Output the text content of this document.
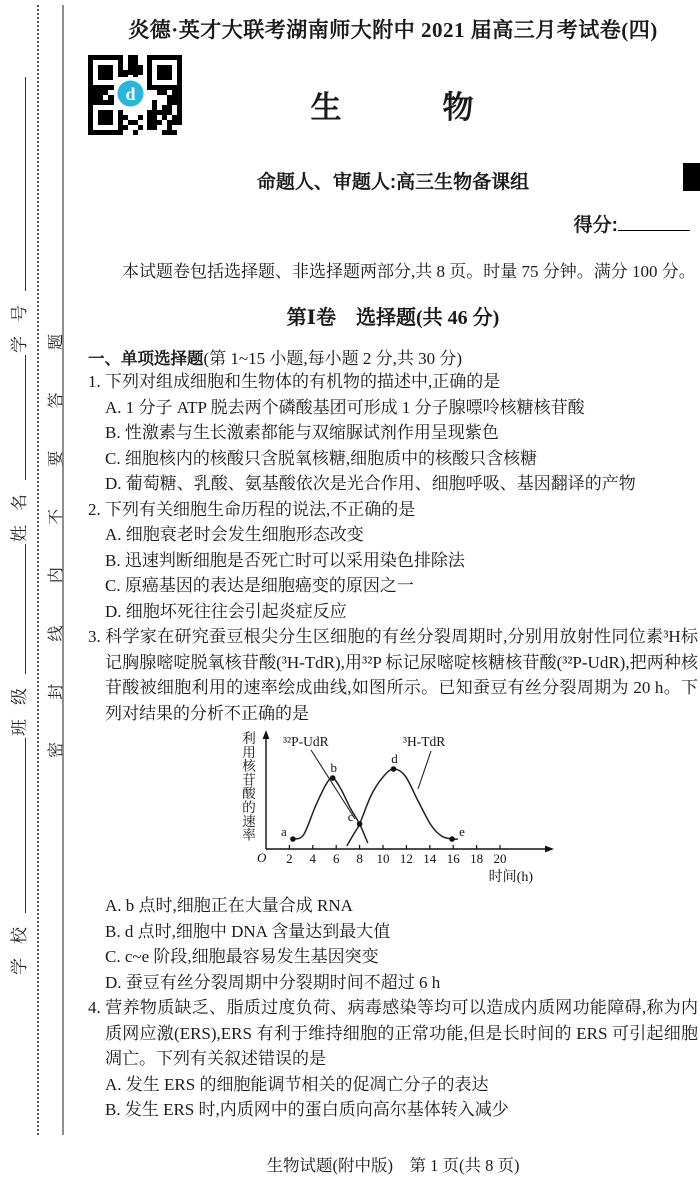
学校
班级
姓名
学号
密
封
线
内
不
要
答
题
d
炎德·英才大联考湖南师大附中 2021 届高三月考试卷(四)
生　　　物
命题人、审题人:高三生物备课组
得分:
本试题卷包括选择题、非选择题两部分,共 8 页。时量 75 分钟。满分 100 分。
第Ⅰ卷　选择题(共 46 分)
一、单项选择题(第 1~15 小题,每小题 2 分,共 30 分)
1. 下列对组成细胞和生物体的有机物的描述中,正确的是
A. 1 分子 ATP 脱去两个磷酸基团可形成 1 分子腺嘌呤核糖核苷酸
B. 性激素与生长激素都能与双缩脲试剂作用呈现紫色
C. 细胞核内的核酸只含脱氧核糖,细胞质中的核酸只含核糖
D. 葡萄糖、乳酸、氨基酸依次是光合作用、细胞呼吸、基因翻译的产物
2. 下列有关细胞生命历程的说法,不正确的是
A. 细胞衰老时会发生细胞形态改变
B. 迅速判断细胞是否死亡时可以采用染色排除法
C. 原癌基因的表达是细胞癌变的原因之一
D. 细胞坏死往往会引起炎症反应
3. 科学家在研究蚕豆根尖分生区细胞的有丝分裂周期时,分别用放射性同位素³H标记胸腺嘧啶脱氧核苷酸(³H-TdR),用³²P 标记尿嘧啶核糖核苷酸(³²P-UdR),把两种核苷酸被细胞利用的速率绘成曲线,如图所示。已知蚕豆有丝分裂周期为 20 h。下列对结果的分析不正确的是
2 4 6 8 10 12 14 16 18 20
O
时间(h)
利
用
核
苷
酸
的
速
率
³²P-UdR	³H-TdR
a
b
c
d
e
A. b 点时,细胞正在大量合成 RNA
B. d 点时,细胞中 DNA 含量达到最大值
C. c~e 阶段,细胞最容易发生基因突变
D. 蚕豆有丝分裂周期中分裂期时间不超过 6 h
4. 营养物质缺乏、脂质过度负荷、病毒感染等均可以造成内质网功能障碍,称为内质网应激(ERS),ERS 有利于维持细胞的正常功能,但是长时间的 ERS 可引起细胞凋亡。下列有关叙述错误的是
A. 发生 ERS 的细胞能调节相关的促凋亡分子的表达
B. 发生 ERS 时,内质网中的蛋白质向高尔基体转入减少
生物试题(附中版)　第 1 页(共 8 页)
